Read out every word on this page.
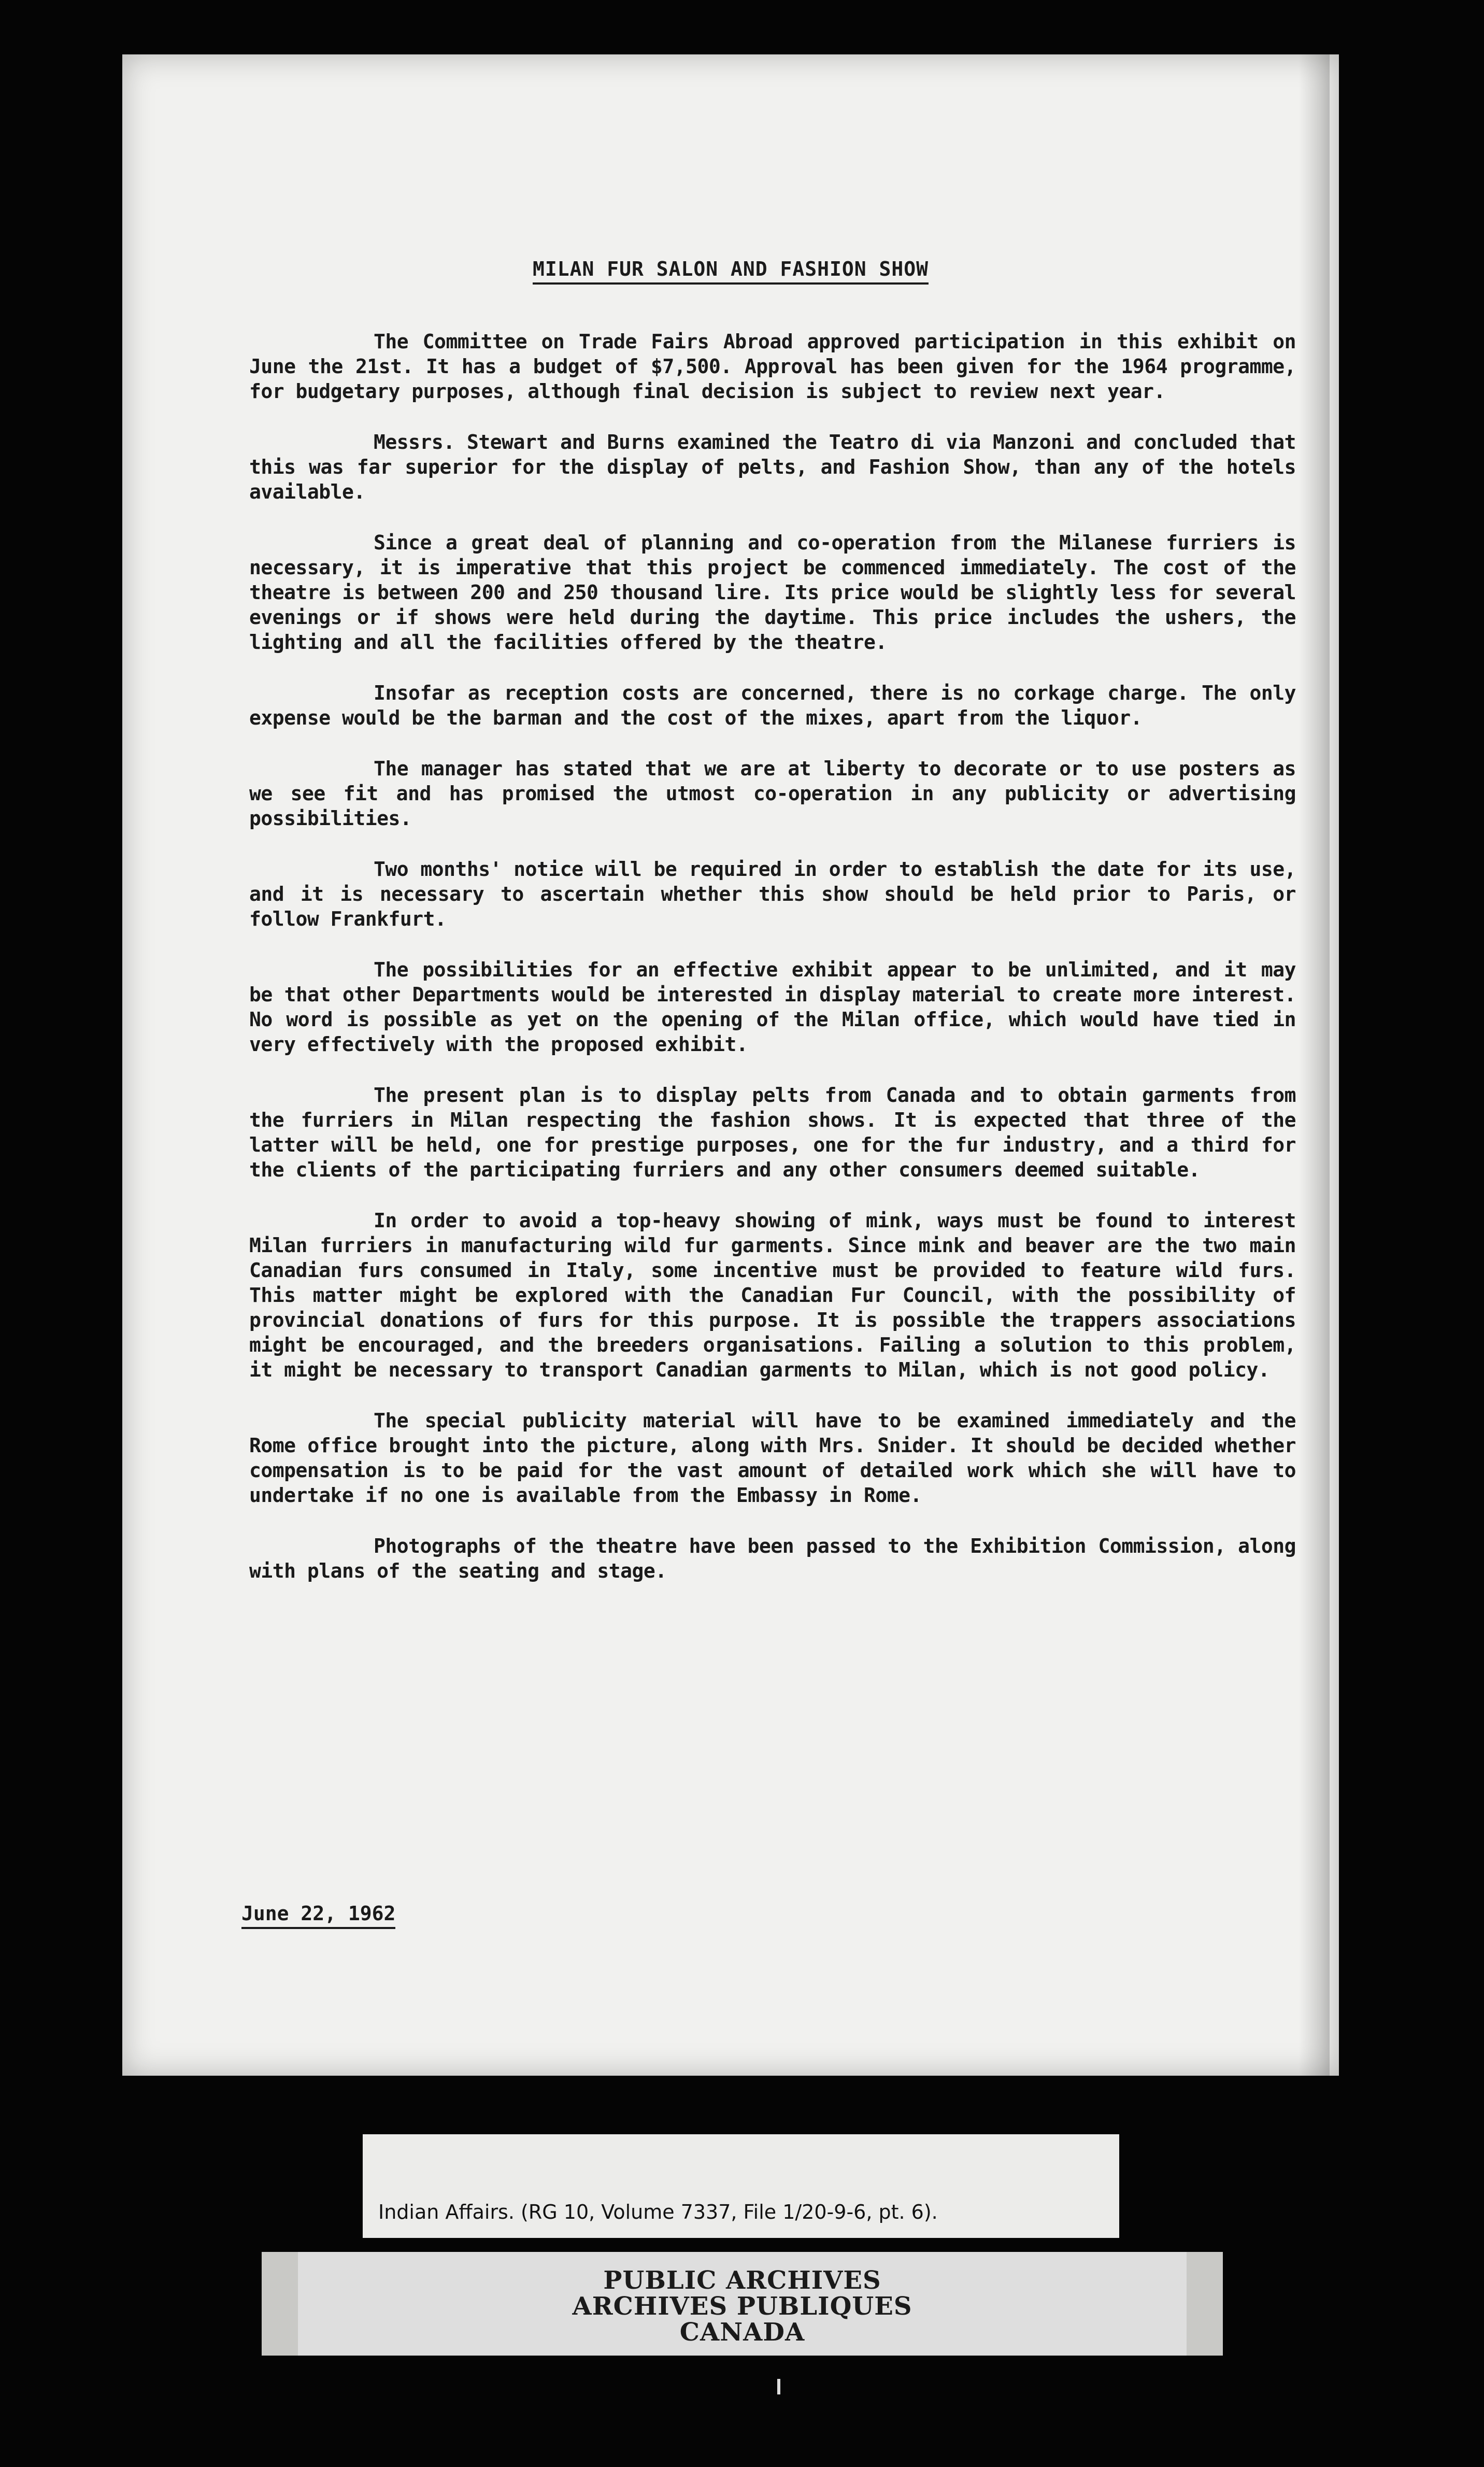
MILAN FUR SALON AND FASHION SHOW

The Committee on Trade Fairs Abroad approved participation in this exhibit on June the 21st. It has a budget of $7,500. Approval has been given for the 1964 programme, for budgetary purposes, although final decision is subject to review next year.

Messrs. Stewart and Burns examined the Teatro di via Manzoni and concluded that this was far superior for the display of pelts, and Fashion Show, than any of the hotels available.

Since a great deal of planning and co-operation from the Milanese furriers is necessary, it is imperative that this project be commenced immediately. The cost of the theatre is between 200 and 250 thousand lire. Its price would be slightly less for several evenings or if shows were held during the daytime. This price includes the ushers, the lighting and all the facilities offered by the theatre.

Insofar as reception costs are concerned, there is no corkage charge. The only expense would be the barman and the cost of the mixes, apart from the liquor.

The manager has stated that we are at liberty to decorate or to use posters as we see fit and has promised the utmost co-operation in any publicity or advertising possibilities.

Two months' notice will be required in order to establish the date for its use, and it is necessary to ascertain whether this show should be held prior to Paris, or follow Frankfurt.

The possibilities for an effective exhibit appear to be unlimited, and it may be that other Departments would be interested in display material to create more interest. No word is possible as yet on the opening of the Milan office, which would have tied in very effectively with the proposed exhibit.

The present plan is to display pelts from Canada and to obtain garments from the furriers in Milan respecting the fashion shows. It is expected that three of the latter will be held, one for prestige purposes, one for the fur industry, and a third for the clients of the participating furriers and any other consumers deemed suitable.

In order to avoid a top-heavy showing of mink, ways must be found to interest Milan furriers in manufacturing wild fur garments. Since mink and beaver are the two main Canadian furs consumed in Italy, some incentive must be provided to feature wild furs. This matter might be explored with the Canadian Fur Council, with the possibility of provincial donations of furs for this purpose. It is possible the trappers associations might be encouraged, and the breeders organisations. Failing a solution to this problem, it might be necessary to transport Canadian garments to Milan, which is not good policy.

The special publicity material will have to be examined immediately and the Rome office brought into the picture, along with Mrs. Snider. It should be decided whether compensation is to be paid for the vast amount of detailed work which she will have to undertake if no one is available from the Embassy in Rome.

Photographs of the theatre have been passed to the Exhibition Commission, along with plans of the seating and stage.

June 22, 1962
Indian Affairs. (RG 10, Volume 7337, File 1/20-9-6, pt. 6).
PUBLIC ARCHIVES
ARCHIVES PUBLIQUES
CANADA
